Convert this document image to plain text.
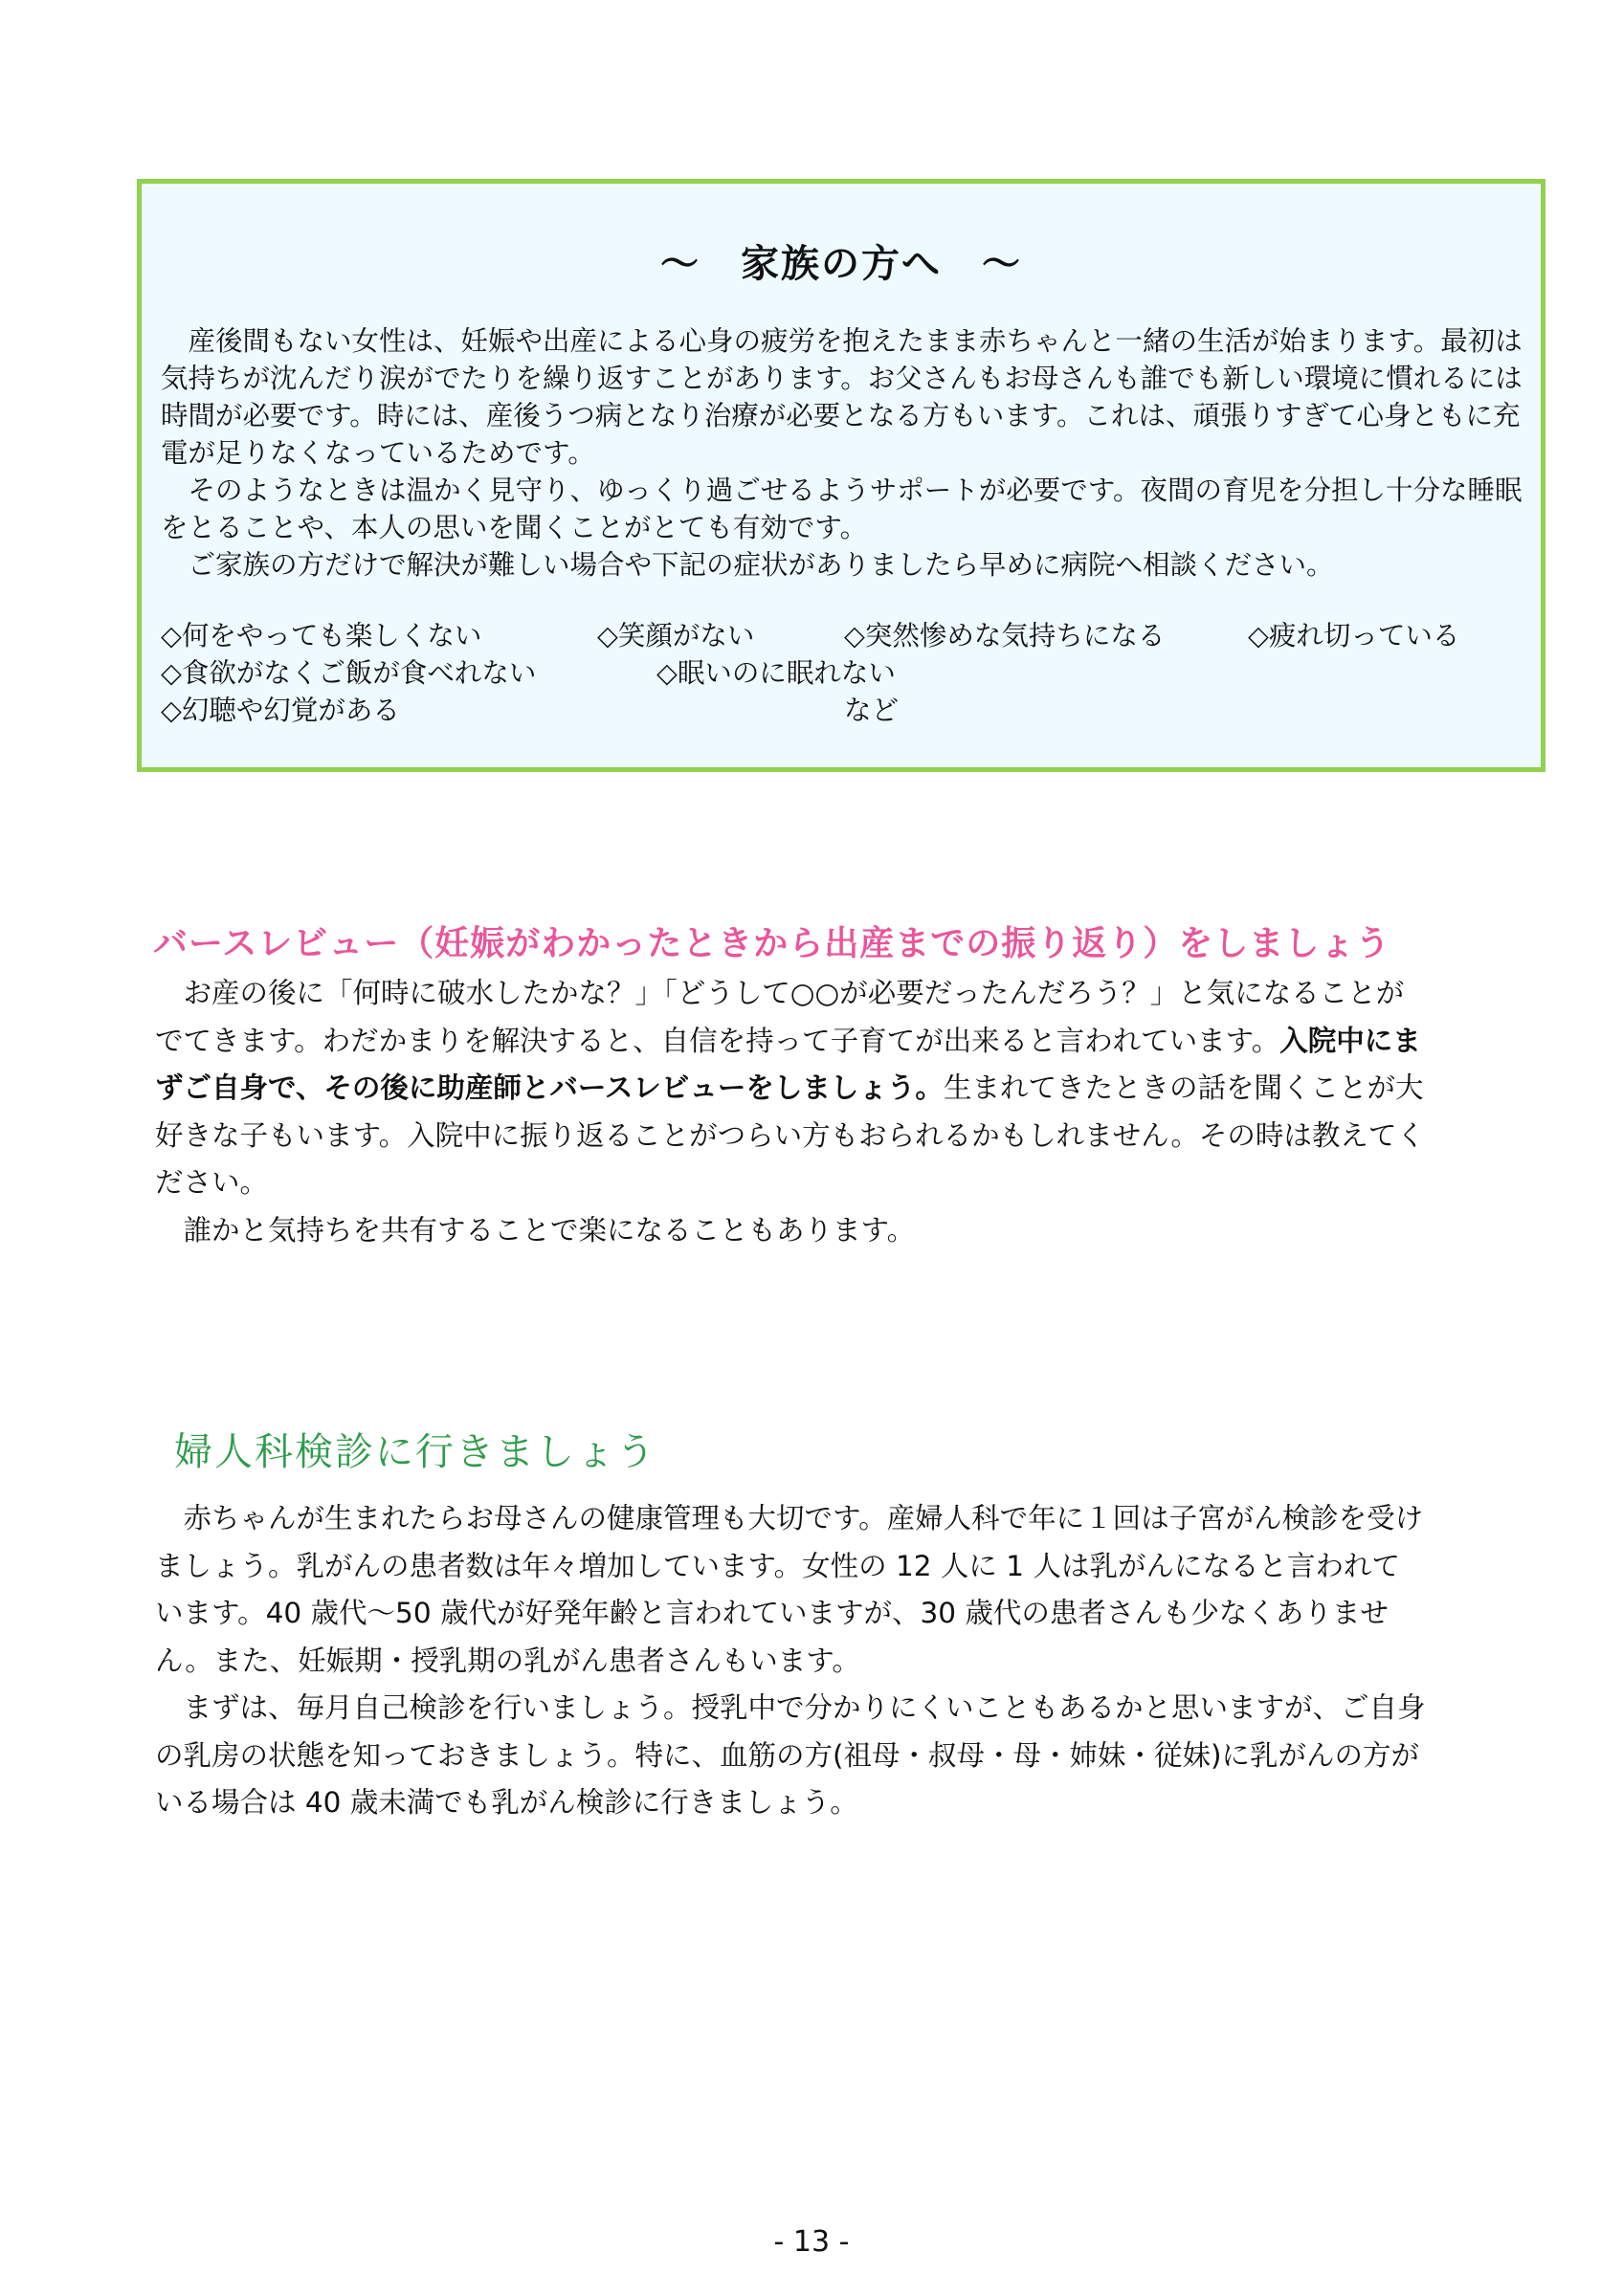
～　家族の方へ　～

産後間もない女性は、妊娠や出産による心身の疲労を抱えたまま赤ちゃんと一緒の生活が始まります。最初は気持ちが沈んだり涙がでたりを繰り返すことがあります。お父さんもお母さんも誰でも新しい環境に慣れるには時間が必要です。時には、産後うつ病となり治療が必要となる方もいます。これは、頑張りすぎて心身ともに充電が足りなくなっているためです。

そのようなときは温かく見守り、ゆっくり過ごせるようサポートが必要です。夜間の育児を分担し十分な睡眠をとることや、本人の思いを聞くことがとても有効です。

ご家族の方だけで解決が難しい場合や下記の症状がありましたら早めに病院へ相談ください。

◇何をやっても楽しくない	◇笑顔がない	◇突然惨めな気持ちになる	◇疲れ切っている
◇食欲がなくご飯が食べれない	◇眠いのに眠れない
◇幻聴や幻覚がある	など
バースレビュー（妊娠がわかったときから出産までの振り返り）をしましょう

お産の後に「何時に破水したかな？」「どうして○○が必要だったんだろう？」と気になることがでてきます。わだかまりを解決すると、自信を持って子育てが出来ると言われています。入院中にまずご自身で、その後に助産師とバースレビューをしましょう。生まれてきたときの話を聞くことが大好きな子もいます。入院中に振り返ることがつらい方もおられるかもしれません。その時は教えてください。

誰かと気持ちを共有することで楽になることもあります。

婦人科検診に行きましょう

赤ちゃんが生まれたらお母さんの健康管理も大切です。産婦人科で年に１回は子宮がん検診を受けましょう。乳がんの患者数は年々増加しています。女性の 12 人に 1 人は乳がんになると言われています。40 歳代～50 歳代が好発年齢と言われていますが、30 歳代の患者さんも少なくありません。また、妊娠期・授乳期の乳がん患者さんもいます。

まずは、毎月自己検診を行いましょう。授乳中で分かりにくいこともあるかと思いますが、ご自身の乳房の状態を知っておきましょう。特に、血筋の方(祖母・叔母・母・姉妹・従妹)に乳がんの方がいる場合は 40 歳未満でも乳がん検診に行きましょう。

- 13 -
